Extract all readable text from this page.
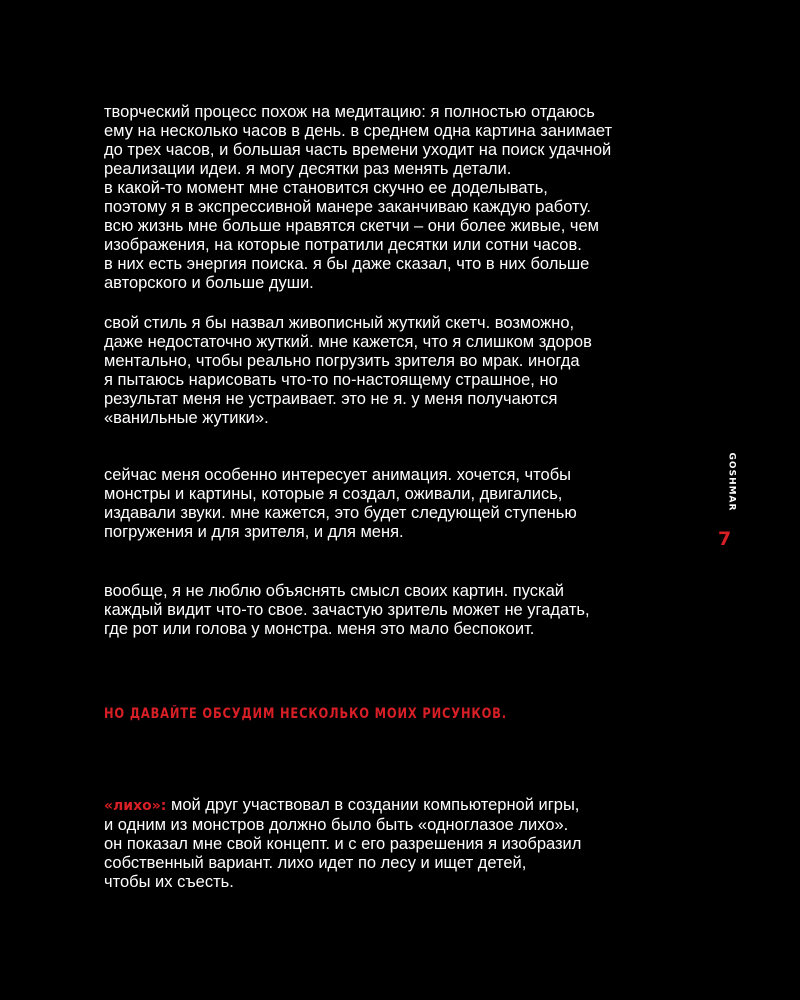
творческий процесс похож на медитацию: я полностью отдаюсь
ему на несколько часов в день. в среднем одна картина занимает
до трех часов, и большая часть времени уходит на поиск удачной
реализации идеи. я могу десятки раз менять детали.
в какой-то момент мне становится скучно ее доделывать,
поэтому я в экспрессивной манере заканчиваю каждую работу.
всю жизнь мне больше нравятся скетчи – они более живые, чем
изображения, на которые потратили десятки или сотни часов.
в них есть энергия поиска. я бы даже сказал, что в них больше
авторского и больше души.

свой стиль я бы назвал живописный жуткий скетч. возможно,
даже недостаточно жуткий. мне кажется, что я слишком здоров
ментально, чтобы реально погрузить зрителя во мрак. иногда
я пытаюсь нарисовать что-то по-настоящему страшное, но
результат меня не устраивает. это не я. у меня получаются
«ванильные жутики».

сейчас меня особенно интересует анимация. хочется, чтобы
монстры и картины, которые я создал, оживали, двигались,
издавали звуки. мне кажется, это будет следующей ступенью
погружения и для зрителя, и для меня.

вообще, я не люблю объяснять смысл своих картин. пускай
каждый видит что-то свое. зачастую зритель может не угадать,
где рот или голова у монстра. меня это мало беспокоит.

НО ДАВАЙТЕ ОБСУДИМ НЕСКОЛЬКО МОИХ РИСУНКОВ.

«лихо»: мой друг участвовал в создании компьютерной игры,
и одним из монстров должно было быть «одноглазое лихо».
он показал мне свой концепт. и с его разрешения я изобразил
собственный вариант. лихо идет по лесу и ищет детей,
чтобы их съесть.

GOSHMAR
7
